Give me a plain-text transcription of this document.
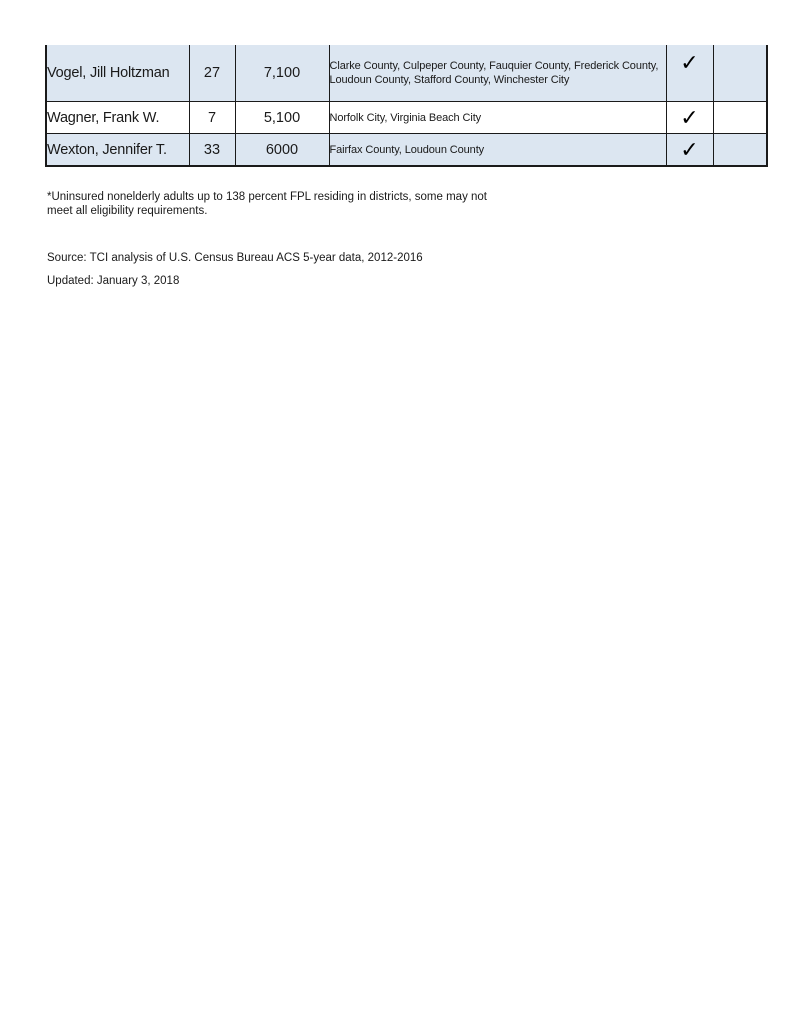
Vogel, Jill Holtzman	27	7,100	Clarke County, Culpeper County, Fauquier County, Frederick County, Loudoun County, Stafford County, Winchester City	✓	
Wagner, Frank W.	7	5,100	Norfolk City, Virginia Beach City	✓	
Wexton, Jennifer T.	33	6000	Fairfax County, Loudoun County	✓	
*Uninsured nonelderly adults up to 138 percent FPL residing in districts, some may not meet all eligibility requirements.
Source: TCI analysis of U.S. Census Bureau ACS 5-year data, 2012-2016
Updated: January 3, 2018
